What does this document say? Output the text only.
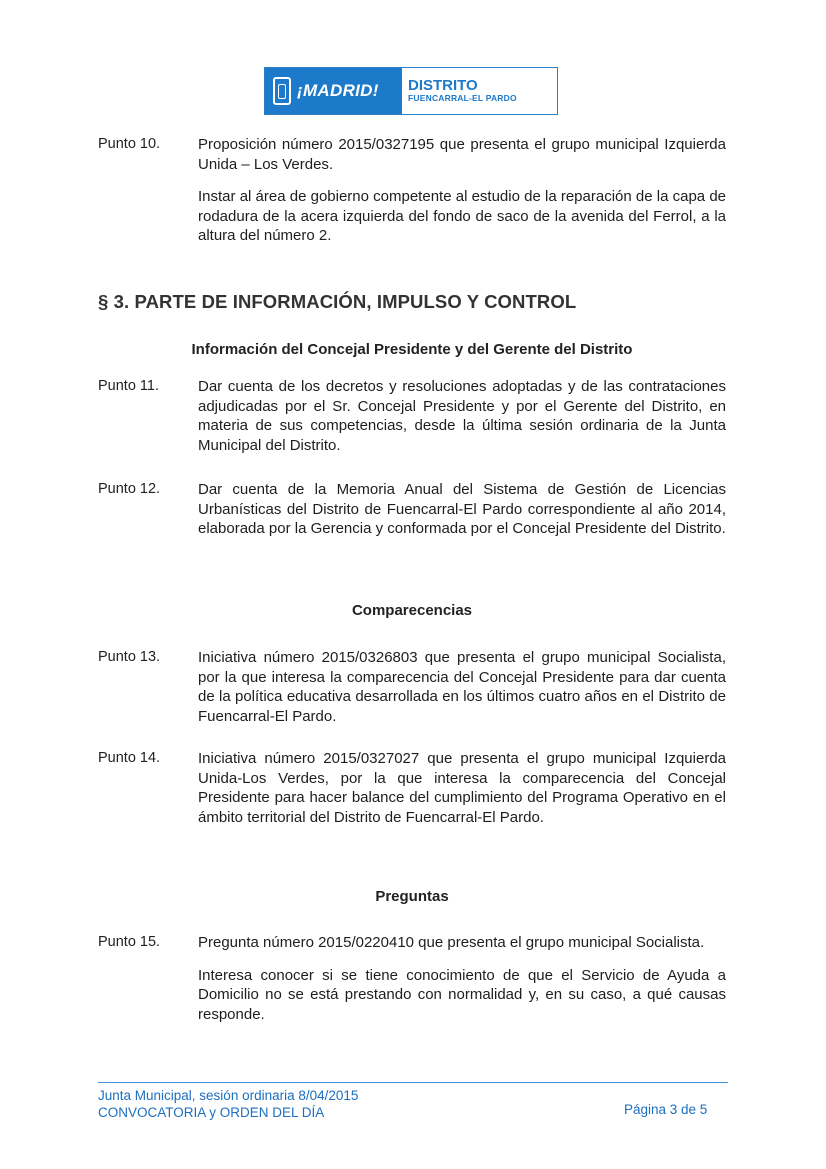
¡MADRID! DISTRITO
FUENCARRAL-EL PARDO
Punto 10.	Proposición número 2015/0327195 que presenta el grupo municipal Izquierda Unida – Los Verdes.

Instar al área de gobierno competente al estudio de la reparación de la capa de rodadura de la acera izquierda del fondo de saco de la avenida del Ferrol, a la altura del número 2.

§ 3. PARTE DE INFORMACIÓN, IMPULSO Y CONTROL
Información del Concejal Presidente y del Gerente del Distrito
Punto 11.	Dar cuenta de los decretos y resoluciones adoptadas y de las contrataciones adjudicadas por el Sr. Concejal Presidente y por el Gerente del Distrito, en materia de sus competencias, desde la última sesión ordinaria de la Junta Municipal del Distrito.

Punto 12.	Dar cuenta de la Memoria Anual del Sistema de Gestión de Licencias Urbanísticas del Distrito de Fuencarral-El Pardo correspondiente al año 2014, elaborada por la Gerencia y conformada por el Concejal Presidente del Distrito.

Comparecencias
Punto 13.	Iniciativa número 2015/0326803 que presenta el grupo municipal Socialista, por la que interesa la comparecencia del Concejal Presidente para dar cuenta de la política educativa desarrollada en los últimos cuatro años en el Distrito de Fuencarral-El Pardo.

Punto 14.	Iniciativa número 2015/0327027 que presenta el grupo municipal Izquierda Unida-Los Verdes, por la que interesa la comparecencia del Concejal Presidente para hacer balance del cumplimiento del Programa Operativo en el ámbito territorial del Distrito de Fuencarral-El Pardo.

Preguntas
Punto 15.	Pregunta número 2015/0220410 que presenta el grupo municipal Socialista.

Interesa conocer si se tiene conocimiento de que el Servicio de Ayuda a Domicilio no se está prestando con normalidad y, en su caso, a qué causas responde.

Junta Municipal, sesión ordinaria 8/04/2015
CONVOCATORIA y ORDEN DEL DÍA	Página 3 de 5
